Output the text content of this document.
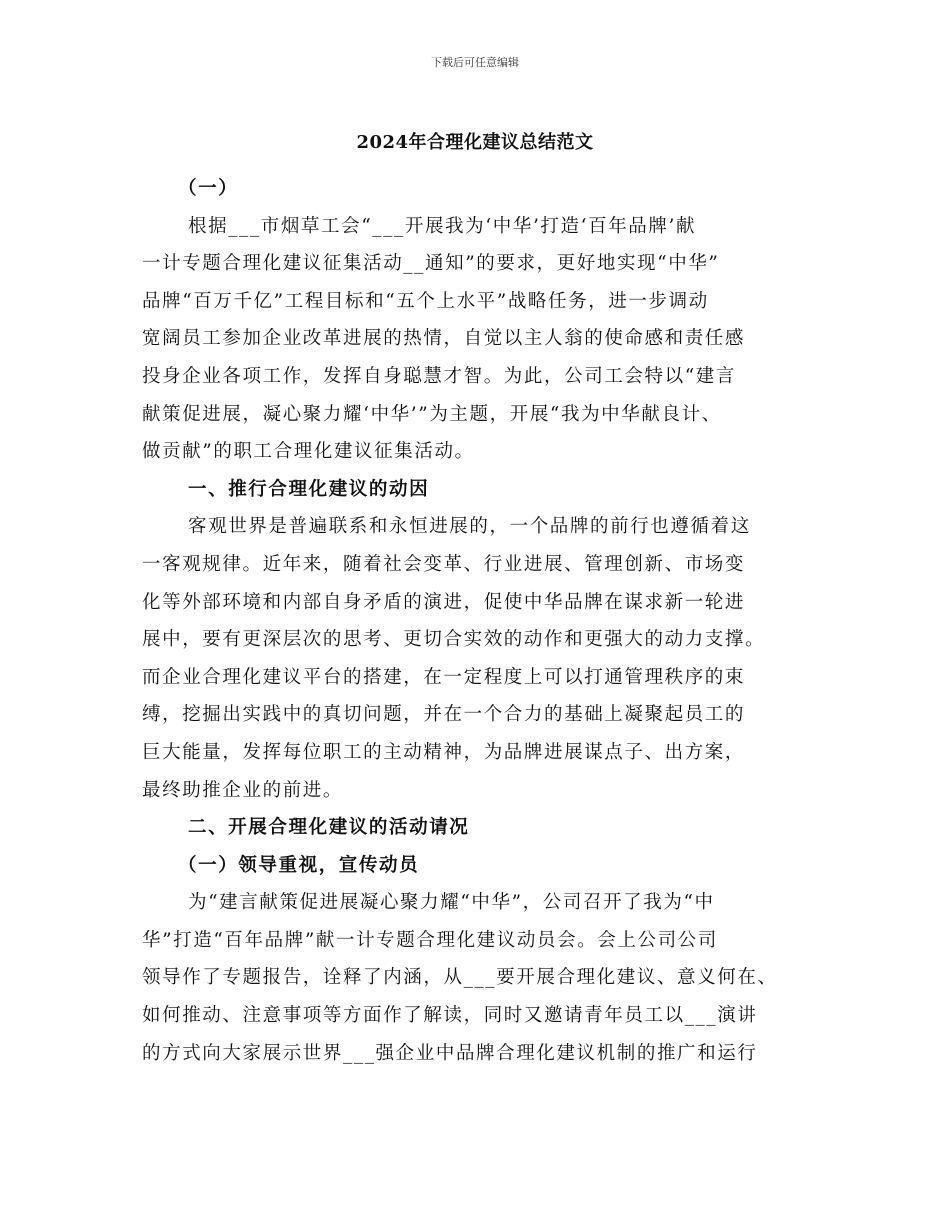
下载后可任意编辑
2024年合理化建议总结范文
（一）
根据___市烟草工会“___开展我为‘中华’打造‘百年品牌’献
一计专题合理化建议征集活动__通知”的要求，更好地实现“中华”
品牌“百万千亿”工程目标和“五个上水平”战略任务，进一步调动
宽阔员工参加企业改革进展的热情，自觉以主人翁的使命感和责任感
投身企业各项工作，发挥自身聪慧才智。为此，公司工会特以“建言
献策促进展，凝心聚力耀‘中华’”为主题，开展“我为中华献良计、
做贡献”的职工合理化建议征集活动。
一、推行合理化建议的动因
客观世界是普遍联系和永恒进展的，一个品牌的前行也遵循着这
一客观规律。近年来，随着社会变革、行业进展、管理创新、市场变
化等外部环境和内部自身矛盾的演进，促使中华品牌在谋求新一轮进
展中，要有更深层次的思考、更切合实效的动作和更强大的动力支撑。
而企业合理化建议平台的搭建，在一定程度上可以打通管理秩序的束
缚，挖掘出实践中的真切问题，并在一个合力的基础上凝聚起员工的
巨大能量，发挥每位职工的主动精神，为品牌进展谋点子、出方案，
最终助推企业的前进。
二、开展合理化建议的活动请况
（一）领导重视，宣传动员
为“建言献策促进展凝心聚力耀“中华”，公司召开了我为“中
华”打造“百年品牌”献一计专题合理化建议动员会。会上公司公司
领导作了专题报告，诠释了内涵，从___要开展合理化建议、意义何在、
如何推动、注意事项等方面作了解读，同时又邀请青年员工以___演讲
的方式向大家展示世界___强企业中品牌合理化建议机制的推广和运行
